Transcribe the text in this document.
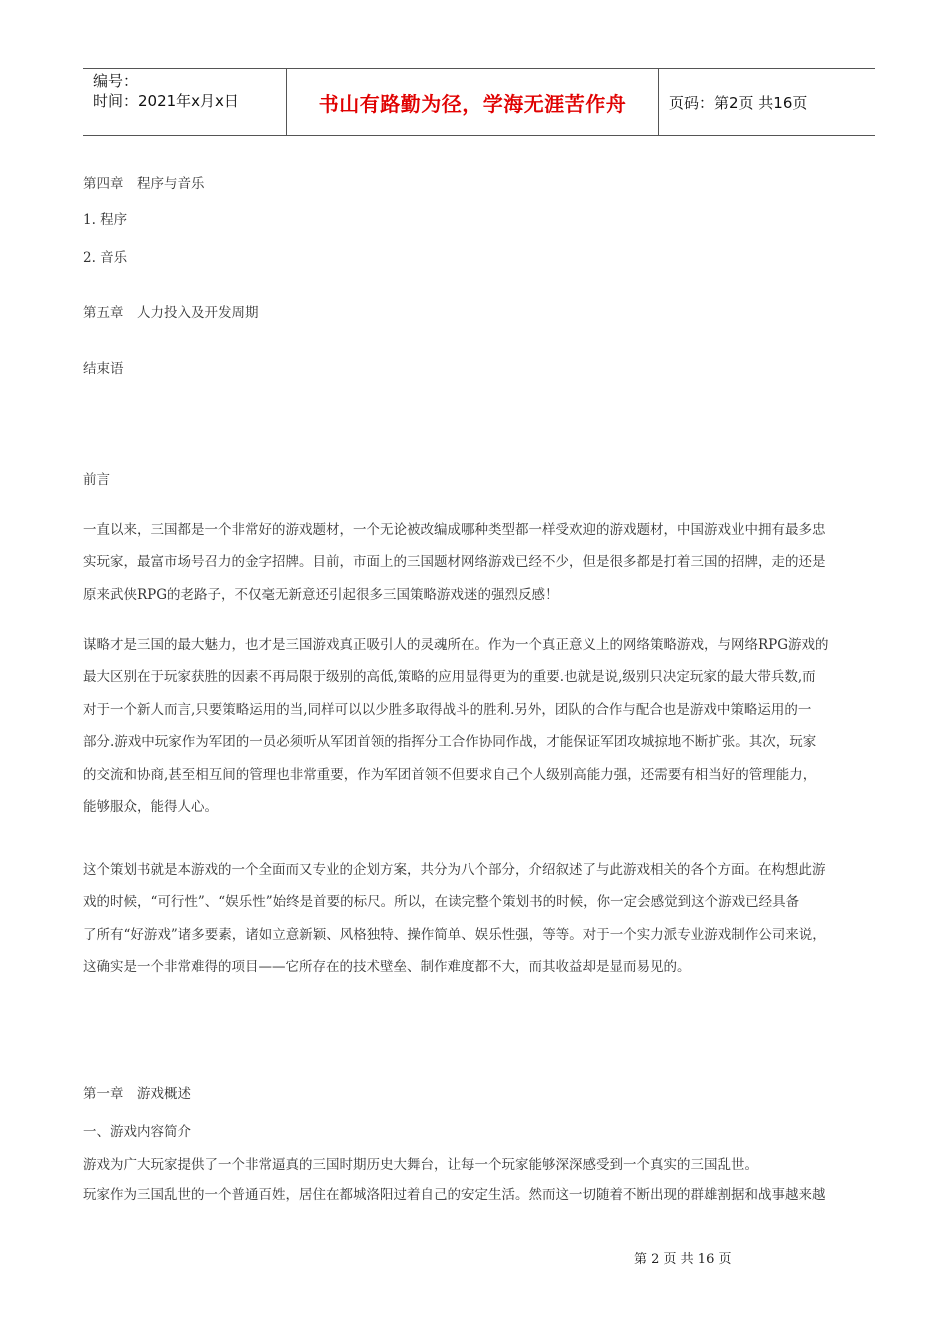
编号：
时间：2021年x月x日	书山有路勤为径，学海无涯苦作舟	页码：第2页 共16页
第四章　程序与音乐
1. 程序
2. 音乐
第五章　人力投入及开发周期
结束语
前言
一直以来，三国都是一个非常好的游戏题材，一个无论被改编成哪种类型都一样受欢迎的游戏题材，中国游戏业中拥有最多忠
实玩家，最富市场号召力的金字招牌。目前，市面上的三国题材网络游戏已经不少，但是很多都是打着三国的招牌，走的还是
原来武侠RPG的老路子，不仅毫无新意还引起很多三国策略游戏迷的强烈反感！
谋略才是三国的最大魅力，也才是三国游戏真正吸引人的灵魂所在。作为一个真正意义上的网络策略游戏，与网络RPG游戏的
最大区别在于玩家获胜的因素不再局限于级别的高低,策略的应用显得更为的重要.也就是说,级别只决定玩家的最大带兵数,而
对于一个新人而言,只要策略运用的当,同样可以以少胜多取得战斗的胜利.另外，团队的合作与配合也是游戏中策略运用的一
部分.游戏中玩家作为军团的一员必须听从军团首领的指挥分工合作协同作战，才能保证军团攻城掠地不断扩张。其次，玩家
的交流和协商,甚至相互间的管理也非常重要，作为军团首领不但要求自己个人级别高能力强，还需要有相当好的管理能力，
能够服众，能得人心。
这个策划书就是本游戏的一个全面而又专业的企划方案，共分为八个部分，介绍叙述了与此游戏相关的各个方面。在构想此游
戏的时候，“可行性”、“娱乐性”始终是首要的标尺。所以，在读完整个策划书的时候，你一定会感觉到这个游戏已经具备
了所有“好游戏”诸多要素，诸如立意新颖、风格独特、操作简单、娱乐性强，等等。对于一个实力派专业游戏制作公司来说，
这确实是一个非常难得的项目——它所存在的技术壁垒、制作难度都不大，而其收益却是显而易见的。
第一章　游戏概述
一、游戏内容简介
游戏为广大玩家提供了一个非常逼真的三国时期历史大舞台，让每一个玩家能够深深感受到一个真实的三国乱世。
玩家作为三国乱世的一个普通百姓，居住在都城洛阳过着自己的安定生活。然而这一切随着不断出现的群雄割据和战事越来越
第 2 页 共 16 页
